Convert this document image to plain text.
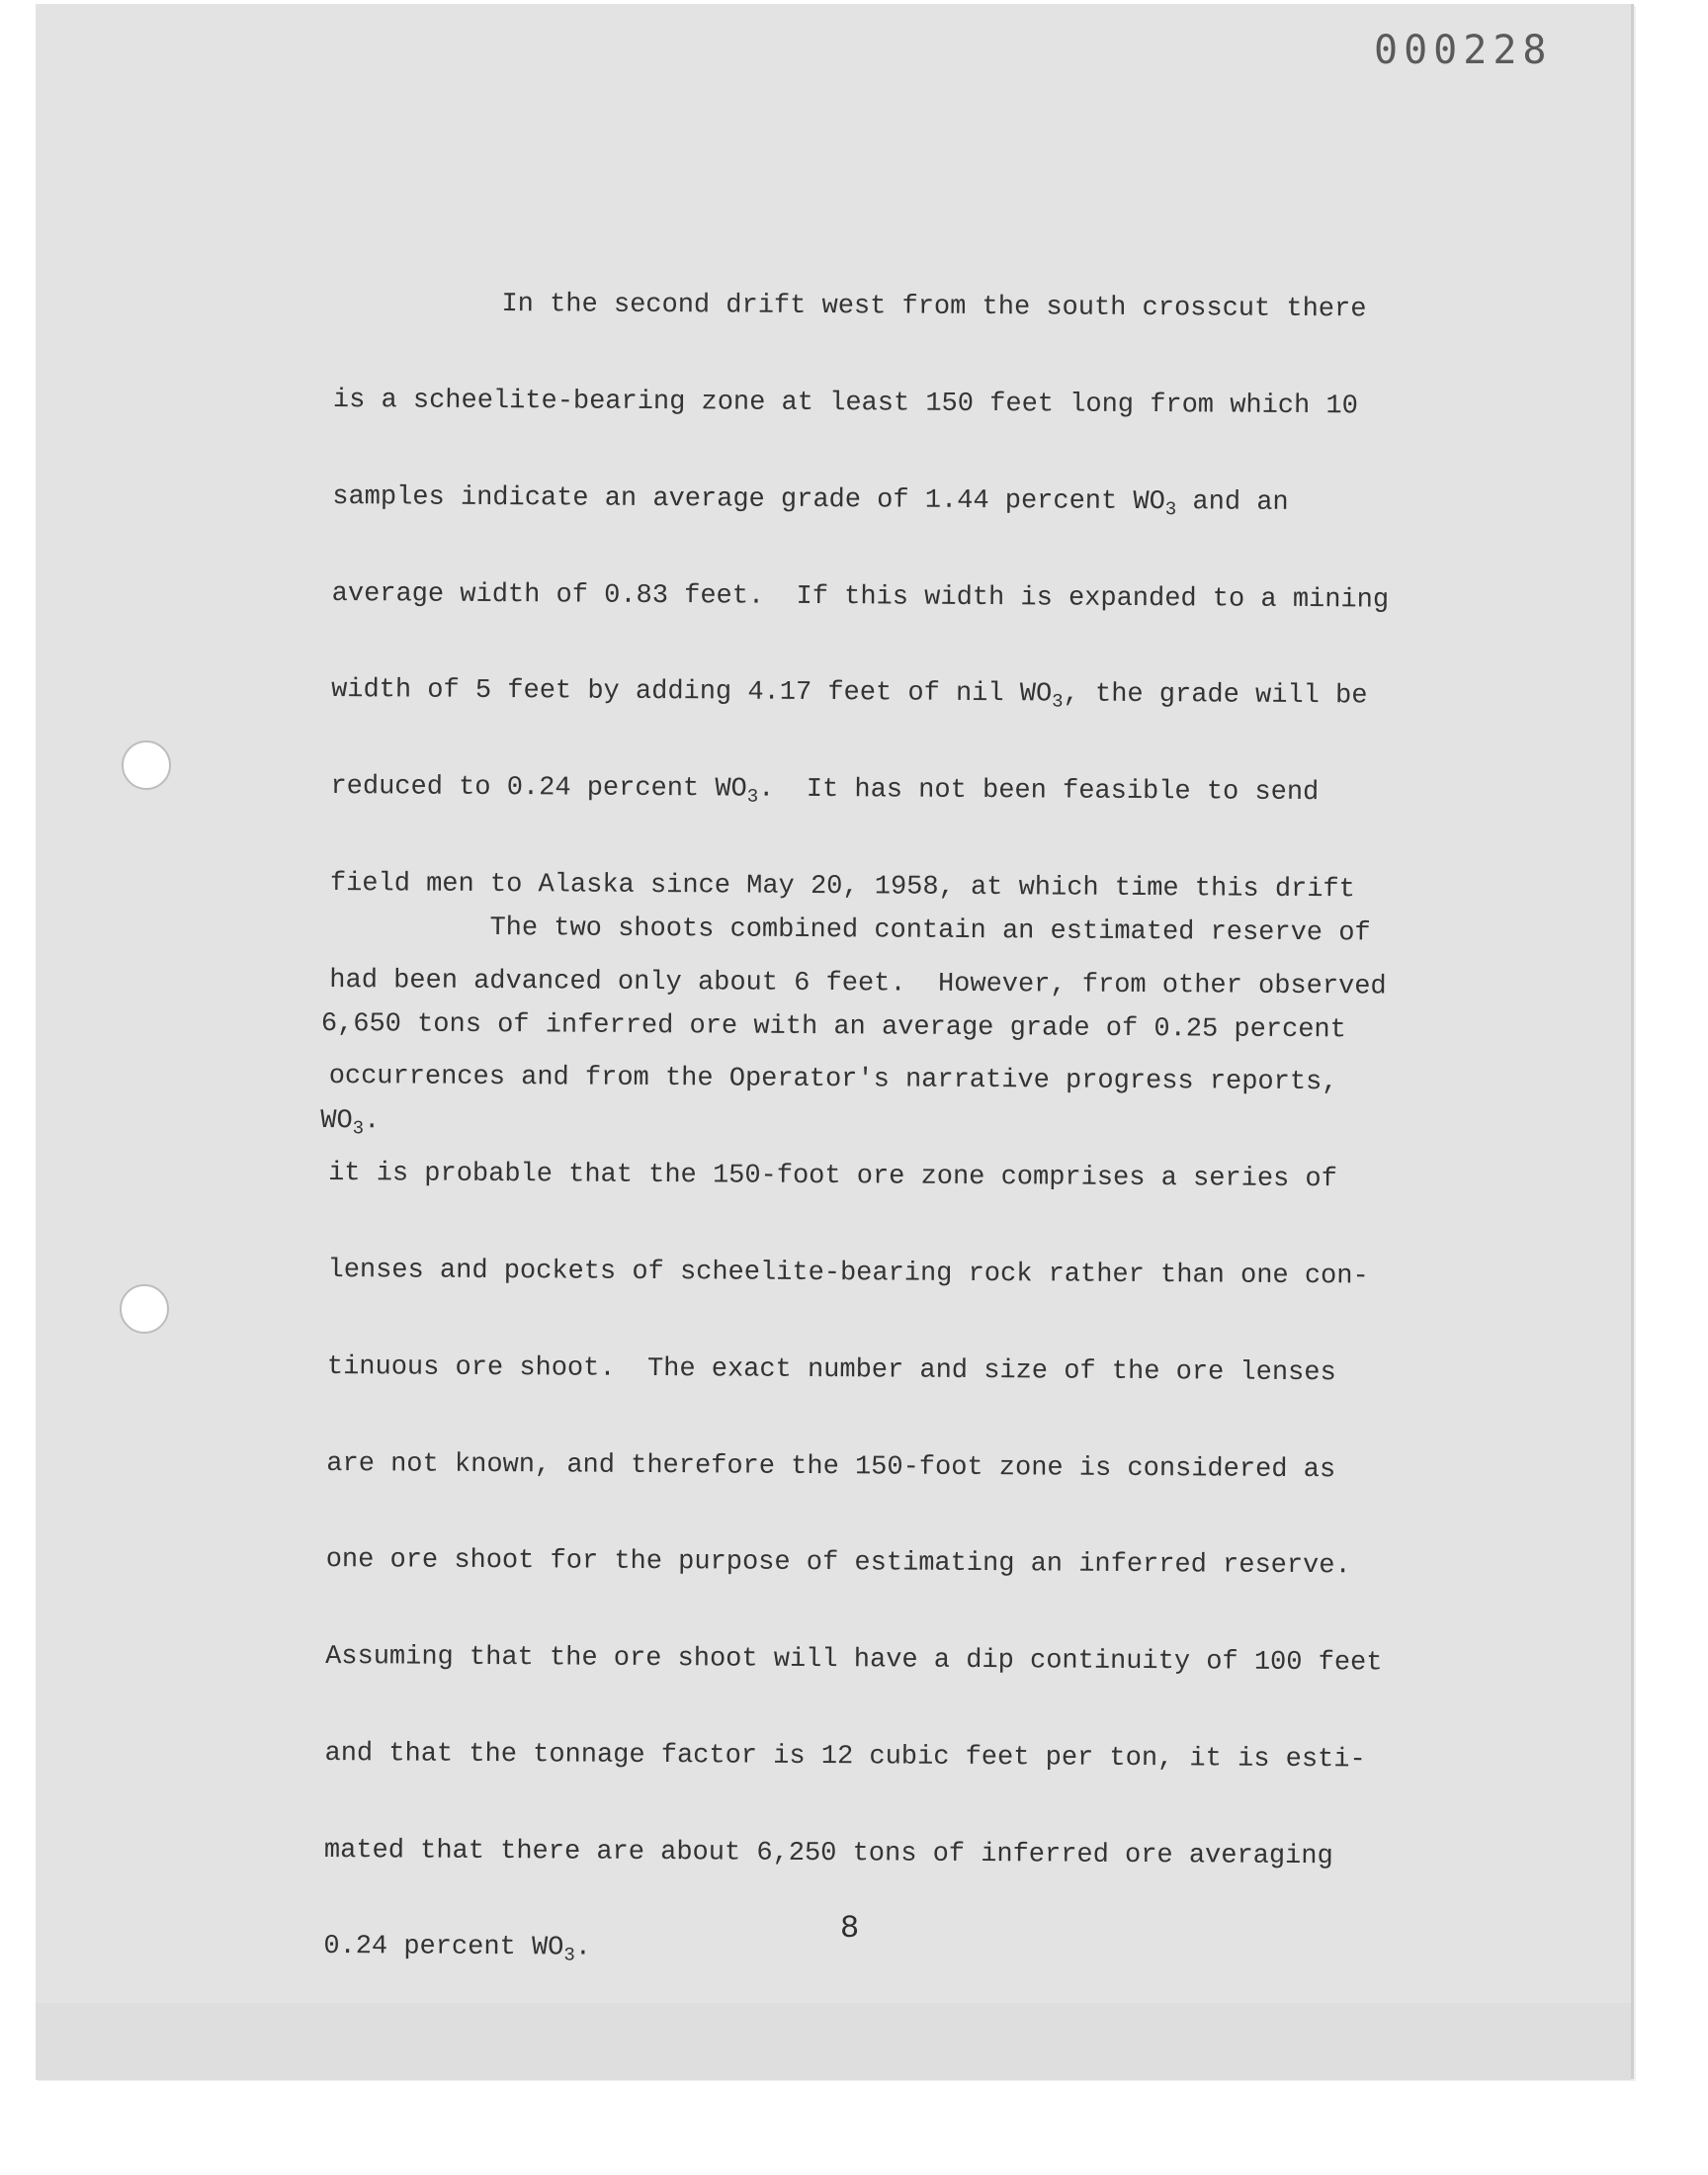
000228

In the second drift west from the south crosscut there

is a scheelite-bearing zone at least 150 feet long from which 10

samples indicate an average grade of 1.44 percent $WO_3$ and an

average width of 0.83 feet.  If this width is expanded to a mining

width of 5 feet by adding 4.17 feet of nil $WO_3$, the grade will be

reduced to 0.24 percent $WO_3$.  It has not been feasible to send

field men to Alaska since May 20, 1958, at which time this drift

had been advanced only about 6 feet.  However, from other observed

occurrences and from the Operator's narrative progress reports,

it is probable that the 150-foot ore zone comprises a series of

lenses and pockets of scheelite-bearing rock rather than one con-

tinuous ore shoot.  The exact number and size of the ore lenses

are not known, and therefore the 150-foot zone is considered as

one ore shoot for the purpose of estimating an inferred reserve.

Assuming that the ore shoot will have a dip continuity of 100 feet

and that the tonnage factor is 12 cubic feet per ton, it is esti-

mated that there are about 6,250 tons of inferred ore averaging

0.24 percent $WO_3$.

The two shoots combined contain an estimated reserve of

6,650 tons of inferred ore with an average grade of 0.25 percent

$WO_3$.

8
